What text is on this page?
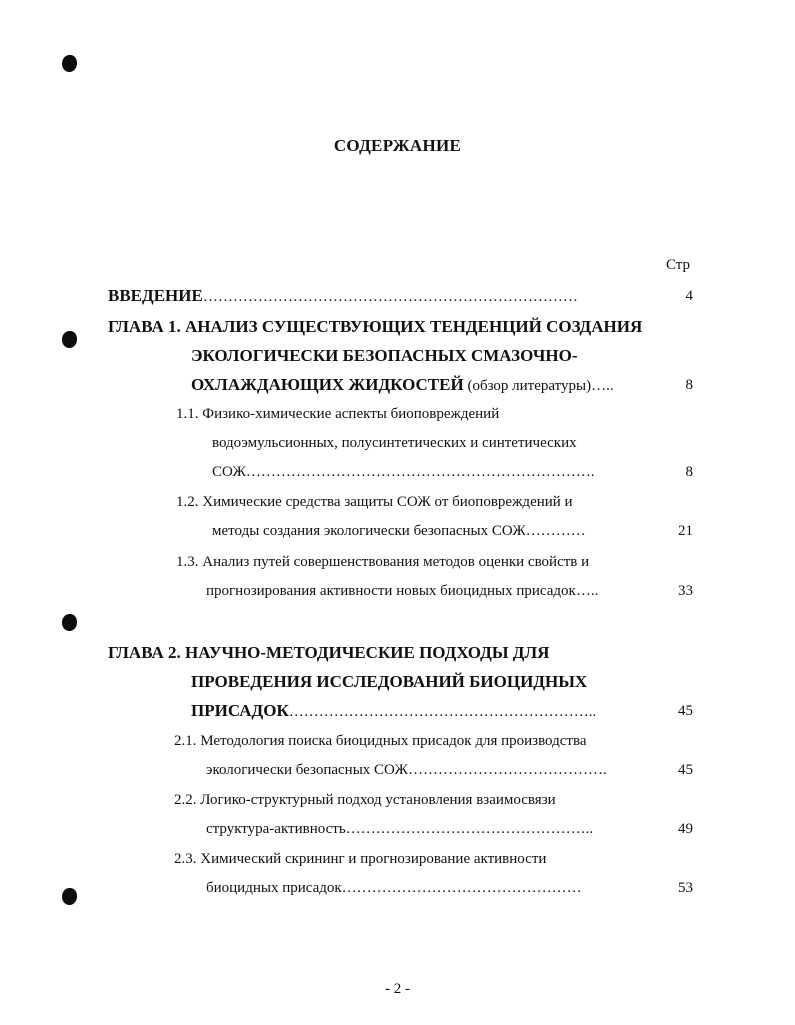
СОДЕРЖАНИЕ
Стр
ВВЕДЕНИЕ…………………………………………………………………	4
ГЛАВА 1. АНАЛИЗ СУЩЕСТВУЮЩИХ ТЕНДЕНЦИЙ СОЗДАНИЯ
ЭКОЛОГИЧЕСКИ БЕЗОПАСНЫХ СМАЗОЧНО-
ОХЛАЖДАЮЩИХ ЖИДКОСТЕЙ (обзор литературы)…..	8
1.1. Физико-химические аспекты биоповреждений
водоэмульсионных, полусинтетических и синтетических
СОЖ…………………………………………………………….	8
1.2. Химические средства защиты СОЖ от биоповреждений и
методы создания экологически безопасных СОЖ…………	21
1.3. Анализ путей совершенствования методов оценки свойств и
прогнозирования активности новых биоцидных присадок…..	33
ГЛАВА 2. НАУЧНО-МЕТОДИЧЕСКИЕ ПОДХОДЫ ДЛЯ
ПРОВЕДЕНИЯ ИССЛЕДОВАНИЙ БИОЦИДНЫХ
ПРИСАДОК……………………………………………………..	45
2.1. Методология поиска биоцидных присадок для производства
экологически безопасных СОЖ………………………………….	45
2.2. Логико-структурный подход установления взаимосвязи
структура-активность…………………………………………..	49
2.3. Химический скрининг и прогнозирование активности
биоцидных присадок…………………………………………	53
- 2 -
